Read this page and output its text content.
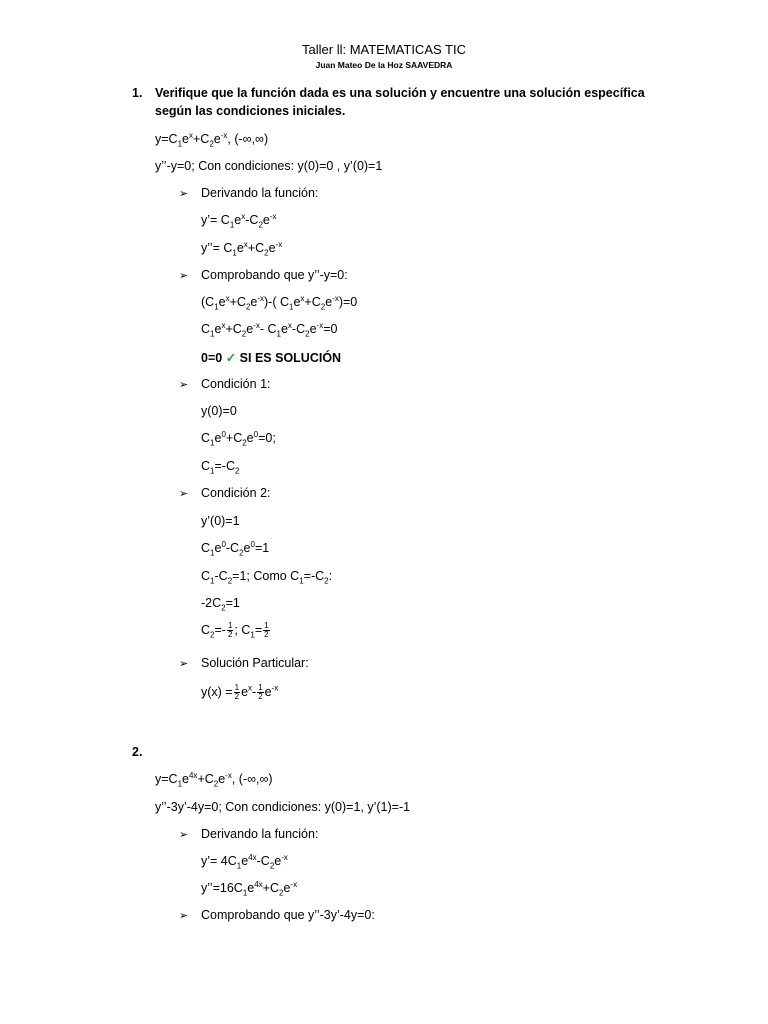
Taller ll: MATEMATICAS TIC
Juan Mateo De la Hoz SAAVEDRA
1. Verifique que la función dada es una solución y encuentre una solución específica
según las condiciones iniciales.
$y=C_1e^x+C_2e^{-x}$, (-∞,∞)
y’’-y=0; Con condiciones: y(0)=0 , y’(0)=1
➢ Derivando la función:
y’= $C_1e^x-C_2e^{-x}$
y’’= $C_1e^x+C_2e^{-x}$
➢ Comprobando que y’’-y=0:
$(C_1e^x+C_2e^{-x})-$( $C_1e^x+C_2e^{-x})=0$
$C_1e^x+C_2e^{-x}-$ $C_1e^x-C_2e^{-x}=0$
0=0 ✓ SI ES SOLUCIÓN
➢ Condición 1:
y(0)=0
$C_1e^0+C_2e^0=0$;
$C_1=-C_2$
➢ Condición 2:
y’(0)=1
$C_1e^0-C_2e^0=1$
$C_1-C_2=1$; Como $C_1=-C_2$:
$-2C_2=1$
$C_2=- \frac{1}{2}$ ; $C_1= \frac{1}{2}$
➢ Solución Particular:
$y(x) = \frac{1}{2} e^x- \frac{1}{2} e^{-x}$
2.
$y=C_1e^{4x}+C_2e^{-x}$, (-∞,∞)
y’’-3y’-4y=0; Con condiciones: y(0)=1, y’(1)=-1
➢ Derivando la función:
y’= $4C_1e^{4x}-C_2e^{-x}$
$y’’=16C_1e^{4x}+C_2e^{-x}$
➢ Comprobando que y’’-3y’-4y=0:
